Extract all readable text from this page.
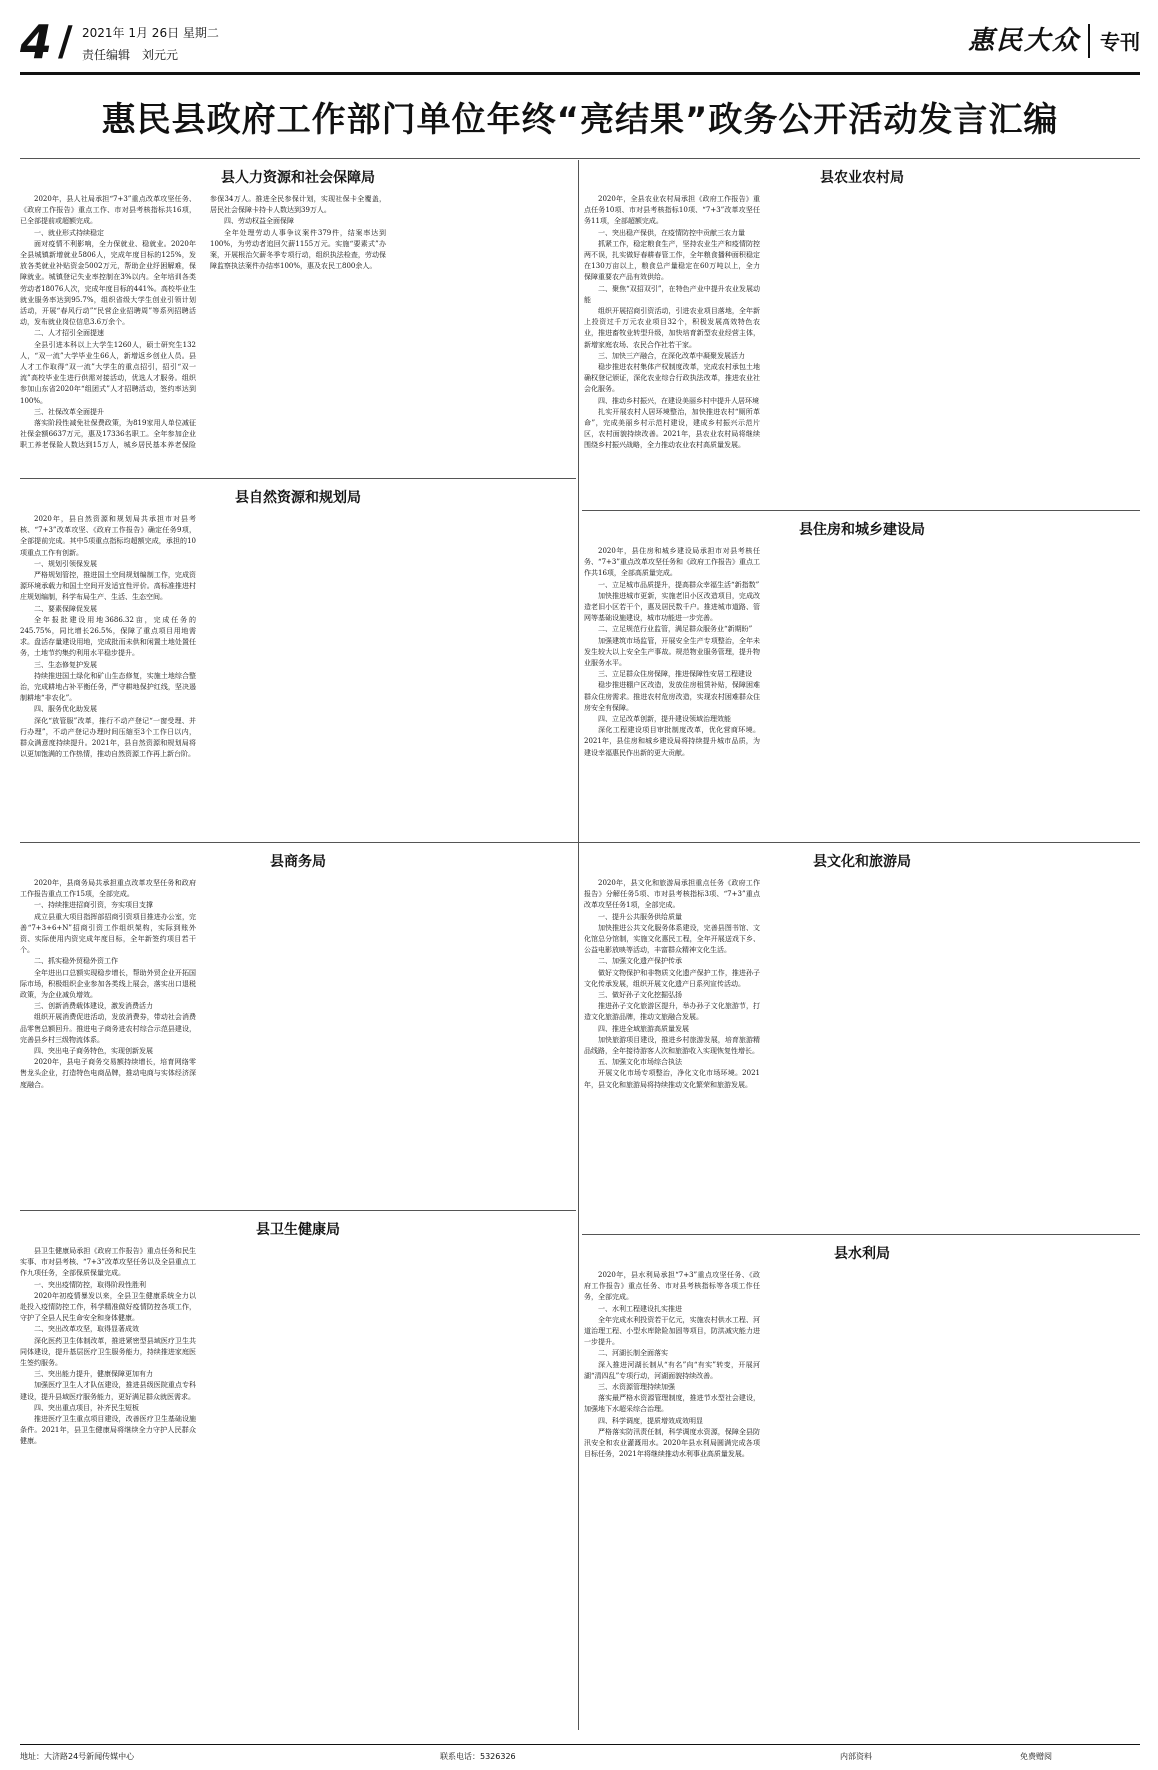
4 / 2021年 1月 26日 星期二
责任编辑　刘元元	惠民大众 专刊
惠民县政府工作部门单位年终“亮结果”政务公开活动发言汇编
县人力资源和社会保障局

2020年，县人社局承担“7+3”重点改革攻坚任务、《政府工作报告》重点工作、市对县考核指标共16项，已全部提前或超额完成。

一、就业形式持续稳定

面对疫情不利影响，全力保就业、稳就业。2020年全县城镇新增就业5806人，完成年度目标的125%，发放各类就业补贴资金5002万元，帮助企业纾困解难，保障就业。城镇登记失业率控制在3%以内。全年培训各类劳动者18076人次，完成年度目标的441%。高校毕业生就业服务率达到95.7%，组织省级大学生创业引领计划活动，开展“春风行动”“民营企业招聘周”等系列招聘活动，发布就业岗位信息3.6万余个。

二、人才招引全面提速

全县引进本科以上大学生1260人，硕士研究生132人，“双一流”大学毕业生66人，新增返乡创业人员。县人才工作取得“双一流”大学生的重点招引，招引“双一流”高校毕业生进行供需对接活动，优选人才服务。组织参加山东省2020年“组团式”人才招聘活动，签约率达到100%。

三、社保改革全面提升

落实阶段性减免社保费政策，为819家用人单位减征社保金额6637万元，惠及17336名职工。全年参加企业职工养老保险人数达到15万人，城乡居民基本养老保险参保34万人。推进全民参保计划，实现社保卡全覆盖，居民社会保障卡持卡人数达到39万人。

四、劳动权益全面保障

全年处理劳动人事争议案件379件，结案率达到100%，为劳动者追回欠薪1155万元。实施“要素式”办案，开展根治欠薪冬季专项行动，组织执法检查，劳动保障监察执法案件办结率100%，惠及农民工800余人。

县农业农村局

2020年，全县农业农村局承担《政府工作报告》重点任务10项、市对县考核指标10项、“7+3”改革攻坚任务11项，全部超额完成。

一、突出稳产保供，在疫情防控中贡献三农力量

抓紧工作，稳定粮食生产，坚持农业生产和疫情防控两不误，扎实做好春耕春管工作，全年粮食播种面积稳定在130万亩以上，粮食总产量稳定在60万吨以上，全力保障重要农产品有效供给。

二、聚焦“双招双引”，在特色产业中提升农业发展动能

组织开展招商引资活动，引进农业项目落地，全年新上投资过千万元农业项目32个，积极发展高效特色农业，推进畜牧业转型升级，加快培育新型农业经营主体，新增家庭农场、农民合作社若干家。

三、加快三产融合，在深化改革中凝聚发展活力

稳步推进农村集体产权制度改革，完成农村承包土地确权登记颁证，深化农业综合行政执法改革，推进农业社会化服务。

四、推动乡村振兴，在建设美丽乡村中提升人居环境

扎实开展农村人居环境整治，加快推进农村“厕所革命”，完成美丽乡村示范村建设，建成乡村振兴示范片区，农村面貌持续改善。2021年，县农业农村局将继续围绕乡村振兴战略，全力推动农业农村高质量发展。

县自然资源和规划局

2020年，县自然资源和规划局共承担市对县考核、“7+3”改革攻坚、《政府工作报告》确定任务9项，全部提前完成。其中5项重点指标均超额完成，承担的10项重点工作有创新。

一、规划引领保发展

严格规划管控，推进国土空间规划编制工作，完成资源环境承载力和国土空间开发适宜性评价。高标准推进村庄规划编制，科学布局生产、生活、生态空间。

二、要素保障促发展

全年报批建设用地3686.32亩，完成任务的245.75%，同比增长26.5%，保障了重点项目用地需求。盘活存量建设用地，完成批而未供和闲置土地处置任务，土地节约集约利用水平稳步提升。

三、生态修复护发展

持续推进国土绿化和矿山生态修复，实施土地综合整治，完成耕地占补平衡任务，严守耕地保护红线，坚决遏制耕地“非农化”。

四、服务优化助发展

深化“放管服”改革，推行不动产登记“一窗受理、并行办理”，不动产登记办理时间压缩至3个工作日以内，群众满意度持续提升。2021年，县自然资源和规划局将以更加饱满的工作热情，推动自然资源工作再上新台阶。

县住房和城乡建设局

2020年，县住房和城乡建设局承担市对县考核任务、“7+3”重点改革攻坚任务和《政府工作报告》重点工作共16项，全部高质量完成。

一、立足城市品质提升，提高群众幸福生活“新指数”

加快推进城市更新，实施老旧小区改造项目，完成改造老旧小区若干个，惠及居民数千户。推进城市道路、管网等基础设施建设，城市功能进一步完善。

二、立足规范行业监管，满足群众服务业“新期盼”

加强建筑市场监管，开展安全生产专项整治，全年未发生较大以上安全生产事故。规范物业服务管理，提升物业服务水平。

三、立足群众住房保障，推进保障性安居工程建设

稳步推进棚户区改造，发放住房租赁补贴，保障困难群众住房需求。推进农村危房改造，实现农村困难群众住房安全有保障。

四、立足改革创新，提升建设领域治理效能

深化工程建设项目审批制度改革，优化营商环境。2021年，县住房和城乡建设局将持续提升城市品质，为建设幸福惠民作出新的更大贡献。

县商务局

2020年，县商务局共承担重点改革攻坚任务和政府工作报告重点工作15项，全部完成。

一、持续推进招商引资，夯实项目支撑

成立县重大项目指挥部招商引资项目推进办公室，完善“7+3+6+N”招商引资工作组织架构，实际到账外资、实际使用内资完成年度目标，全年新签约项目若干个。

二、抓实稳外贸稳外资工作

全年进出口总额实现稳步增长，帮助外贸企业开拓国际市场，积极组织企业参加各类线上展会，落实出口退税政策，为企业减负增效。

三、创新消费载体建设，激发消费活力

组织开展消费促进活动，发放消费券，带动社会消费品零售总额回升。推进电子商务进农村综合示范县建设，完善县乡村三级物流体系。

四、突出电子商务特色，实现创新发展

2020年，县电子商务交易额持续增长，培育网络零售龙头企业，打造特色电商品牌，推动电商与实体经济深度融合。

县文化和旅游局

2020年，县文化和旅游局承担重点任务《政府工作报告》分解任务5项、市对县考核指标3项、“7+3”重点改革攻坚任务1项，全部完成。

一、提升公共服务供给质量

加快推进公共文化服务体系建设，完善县图书馆、文化馆总分馆制，实施文化惠民工程，全年开展送戏下乡、公益电影放映等活动，丰富群众精神文化生活。

二、加强文化遗产保护传承

做好文物保护和非物质文化遗产保护工作，推进孙子文化传承发展，组织开展文化遗产日系列宣传活动。

三、做好孙子文化挖掘弘扬

推进孙子文化旅游区提升，举办孙子文化旅游节，打造文化旅游品牌，推动文旅融合发展。

四、推进全域旅游高质量发展

加快旅游项目建设，推进乡村旅游发展，培育旅游精品线路，全年接待游客人次和旅游收入实现恢复性增长。

五、加强文化市场综合执法

开展文化市场专项整治，净化文化市场环境。2021年，县文化和旅游局将持续推动文化繁荣和旅游发展。

县卫生健康局

县卫生健康局承担《政府工作报告》重点任务和民生实事、市对县考核、“7+3”改革攻坚任务以及全县重点工作九项任务，全部保质保量完成。

一、突出疫情防控，取得阶段性胜利

2020年初疫情暴发以来，全县卫生健康系统全力以赴投入疫情防控工作，科学精准做好疫情防控各项工作，守护了全县人民生命安全和身体健康。

二、突出改革攻坚，取得显著成效

深化医药卫生体制改革，推进紧密型县域医疗卫生共同体建设，提升基层医疗卫生服务能力，持续推进家庭医生签约服务。

三、突出能力提升，健康保障更加有力

加强医疗卫生人才队伍建设，推进县级医院重点专科建设，提升县域医疗服务能力，更好满足群众就医需求。

四、突出重点项目，补齐民生短板

推进医疗卫生重点项目建设，改善医疗卫生基础设施条件。2021年，县卫生健康局将继续全力守护人民群众健康。

县水利局

2020年，县水利局承担“7+3”重点攻坚任务、《政府工作报告》重点任务、市对县考核指标等各项工作任务，全部完成。

一、水利工程建设扎实推进

全年完成水利投资若干亿元，实施农村供水工程、河道治理工程、小型水库除险加固等项目，防洪减灾能力进一步提升。

二、河湖长制全面落实

深入推进河湖长制从“有名”向“有实”转变，开展河湖“清四乱”专项行动，河湖面貌持续改善。

三、水资源管理持续加强

落实最严格水资源管理制度，推进节水型社会建设，加强地下水超采综合治理。

四、科学调度，提质增效成效明显

严格落实防汛责任制，科学调度水资源，保障全县防汛安全和农业灌溉用水。2020年县水利局圆满完成各项目标任务，2021年将继续推动水利事业高质量发展。

地址：大济路24号新闻传媒中心	联系电话：5326326	内部资料	免费赠阅
